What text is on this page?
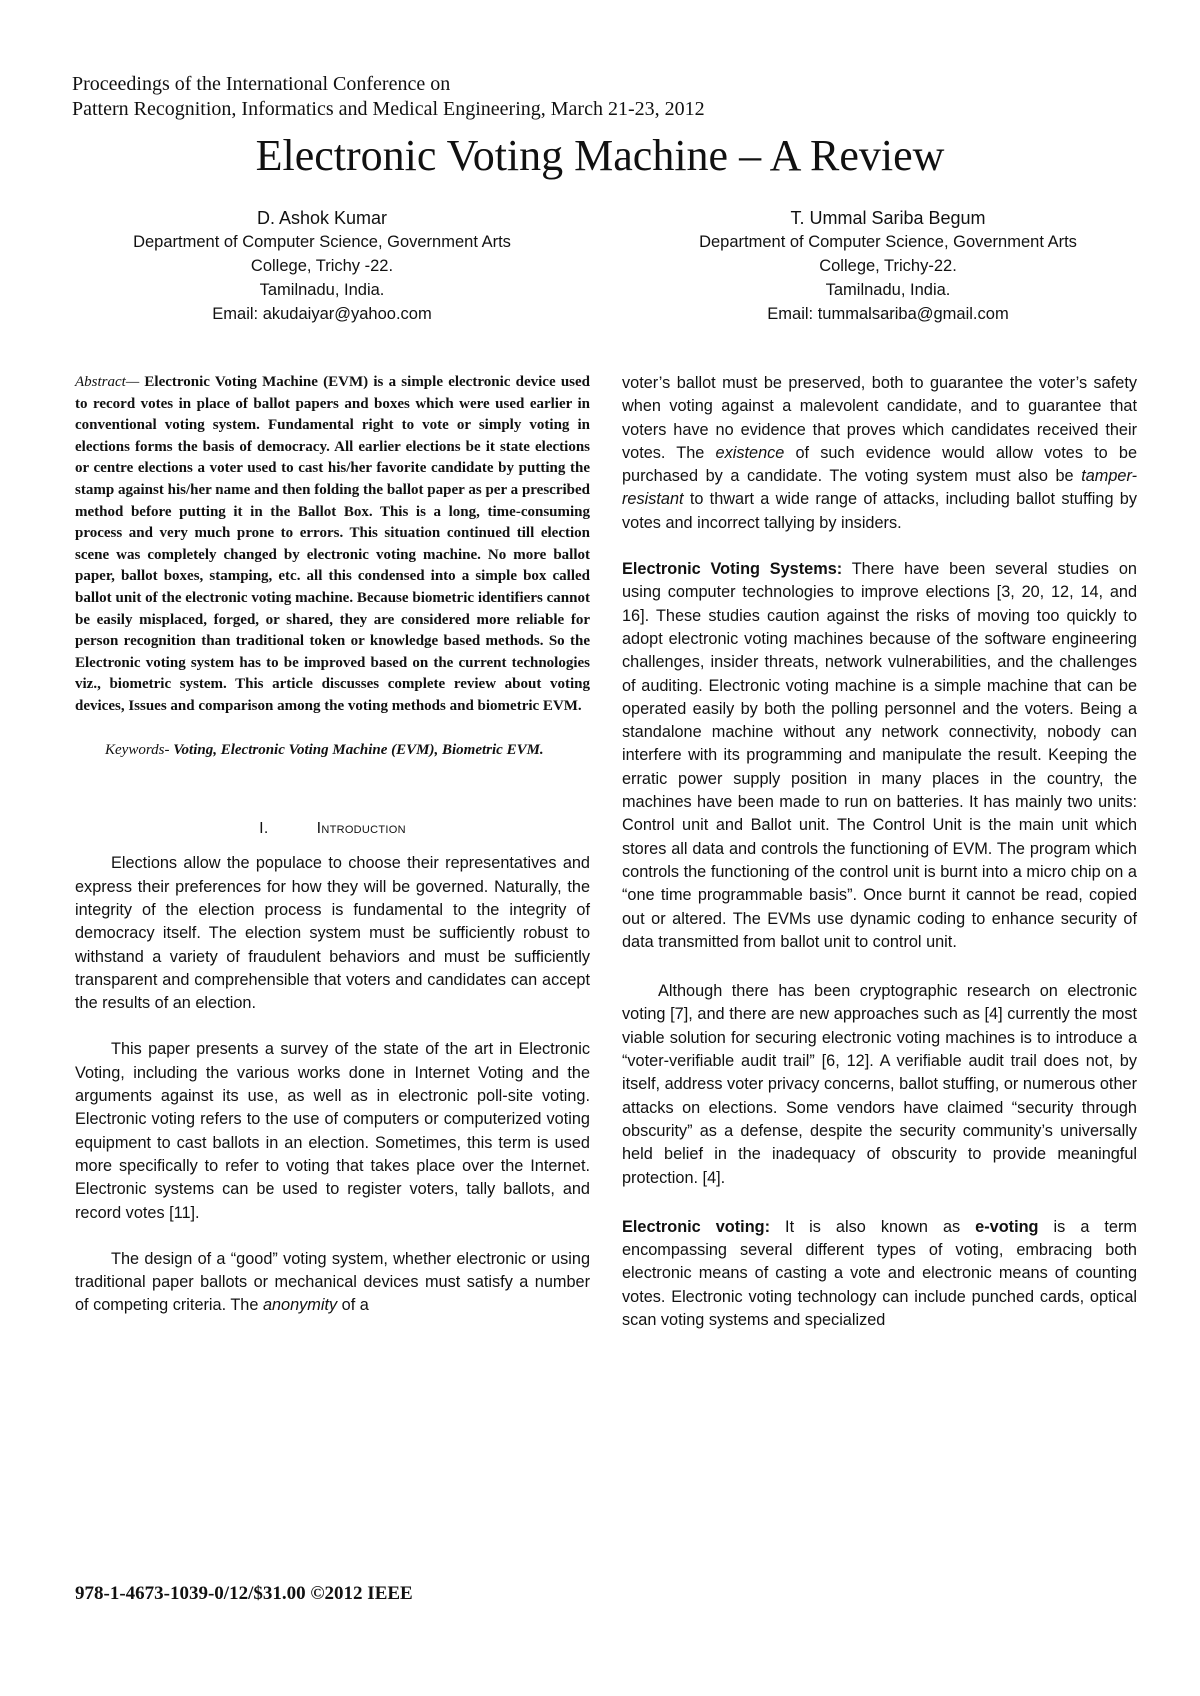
Proceedings of the International Conference on
Pattern Recognition, Informatics and Medical Engineering, March 21-23, 2012
Electronic Voting Machine – A Review
D. Ashok Kumar
Department of Computer Science, Government Arts
College, Trichy -22.
Tamilnadu, India.
Email: akudaiyar@yahoo.com
T. Ummal Sariba Begum
Department of Computer Science, Government Arts
College, Trichy-22.
Tamilnadu, India.
Email: tummalsariba@gmail.com

Abstract— Electronic Voting Machine (EVM) is a simple electronic device used to record votes in place of ballot papers and boxes which were used earlier in conventional voting system. Fundamental right to vote or simply voting in elections forms the basis of democracy. All earlier elections be it state elections or centre elections a voter used to cast his/her favorite candidate by putting the stamp against his/her name and then folding the ballot paper as per a prescribed method before putting it in the Ballot Box. This is a long, time-consuming process and very much prone to errors. This situation continued till election scene was completely changed by electronic voting machine. No more ballot paper, ballot boxes, stamping, etc. all this condensed into a simple box called ballot unit of the electronic voting machine. Because biometric identifiers cannot be easily misplaced, forged, or shared, they are considered more reliable for person recognition than traditional token or knowledge based methods. So the Electronic voting system has to be improved based on the current technologies viz., biometric system. This article discusses complete review about voting devices, Issues and comparison among the voting methods and biometric EVM.

Keywords- Voting, Electronic Voting Machine (EVM), Biometric EVM.

I.	Introduction

Elections allow the populace to choose their representatives and express their preferences for how they will be governed. Naturally, the integrity of the election process is fundamental to the integrity of democracy itself. The election system must be sufficiently robust to withstand a variety of fraudulent behaviors and must be sufficiently transparent and comprehensible that voters and candidates can accept the results of an election.

This paper presents a survey of the state of the art in Electronic Voting, including the various works done in Internet Voting and the arguments against its use, as well as in electronic poll-site voting. Electronic voting refers to the use of computers or computerized voting equipment to cast ballots in an election. Sometimes, this term is used more specifically to refer to voting that takes place over the Internet. Electronic systems can be used to register voters, tally ballots, and record votes [11].

The design of a “good” voting system, whether electronic or using traditional paper ballots or mechanical devices must satisfy a number of competing criteria. The anonymity of a

voter’s ballot must be preserved, both to guarantee the voter’s safety when voting against a malevolent candidate, and to guarantee that voters have no evidence that proves which candidates received their votes. The existence of such evidence would allow votes to be purchased by a candidate. The voting system must also be tamper-resistant to thwart a wide range of attacks, including ballot stuffing by votes and incorrect tallying by insiders.

Electronic Voting Systems: There have been several studies on using computer technologies to improve elections [3, 20, 12, 14, and 16]. These studies caution against the risks of moving too quickly to adopt electronic voting machines because of the software engineering challenges, insider threats, network vulnerabilities, and the challenges of auditing. Electronic voting machine is a simple machine that can be operated easily by both the polling personnel and the voters. Being a standalone machine without any network connectivity, nobody can interfere with its programming and manipulate the result. Keeping the erratic power supply position in many places in the country, the machines have been made to run on batteries. It has mainly two units: Control unit and Ballot unit. The Control Unit is the main unit which stores all data and controls the functioning of EVM. The program which controls the functioning of the control unit is burnt into a micro chip on a “one time programmable basis”. Once burnt it cannot be read, copied out or altered. The EVMs use dynamic coding to enhance security of data transmitted from ballot unit to control unit.

Although there has been cryptographic research on electronic voting [7], and there are new approaches such as [4] currently the most viable solution for securing electronic voting machines is to introduce a “voter-verifiable audit trail” [6, 12]. A verifiable audit trail does not, by itself, address voter privacy concerns, ballot stuffing, or numerous other attacks on elections. Some vendors have claimed “security through obscurity” as a defense, despite the security community’s universally held belief in the inadequacy of obscurity to provide meaningful protection. [4].

Electronic voting: It is also known as e-voting is a term encompassing several different types of voting, embracing both electronic means of casting a vote and electronic means of counting votes. Electronic voting technology can include punched cards, optical scan voting systems and specialized

978-1-4673-1039-0/12/$31.00 ©2012 IEEE
